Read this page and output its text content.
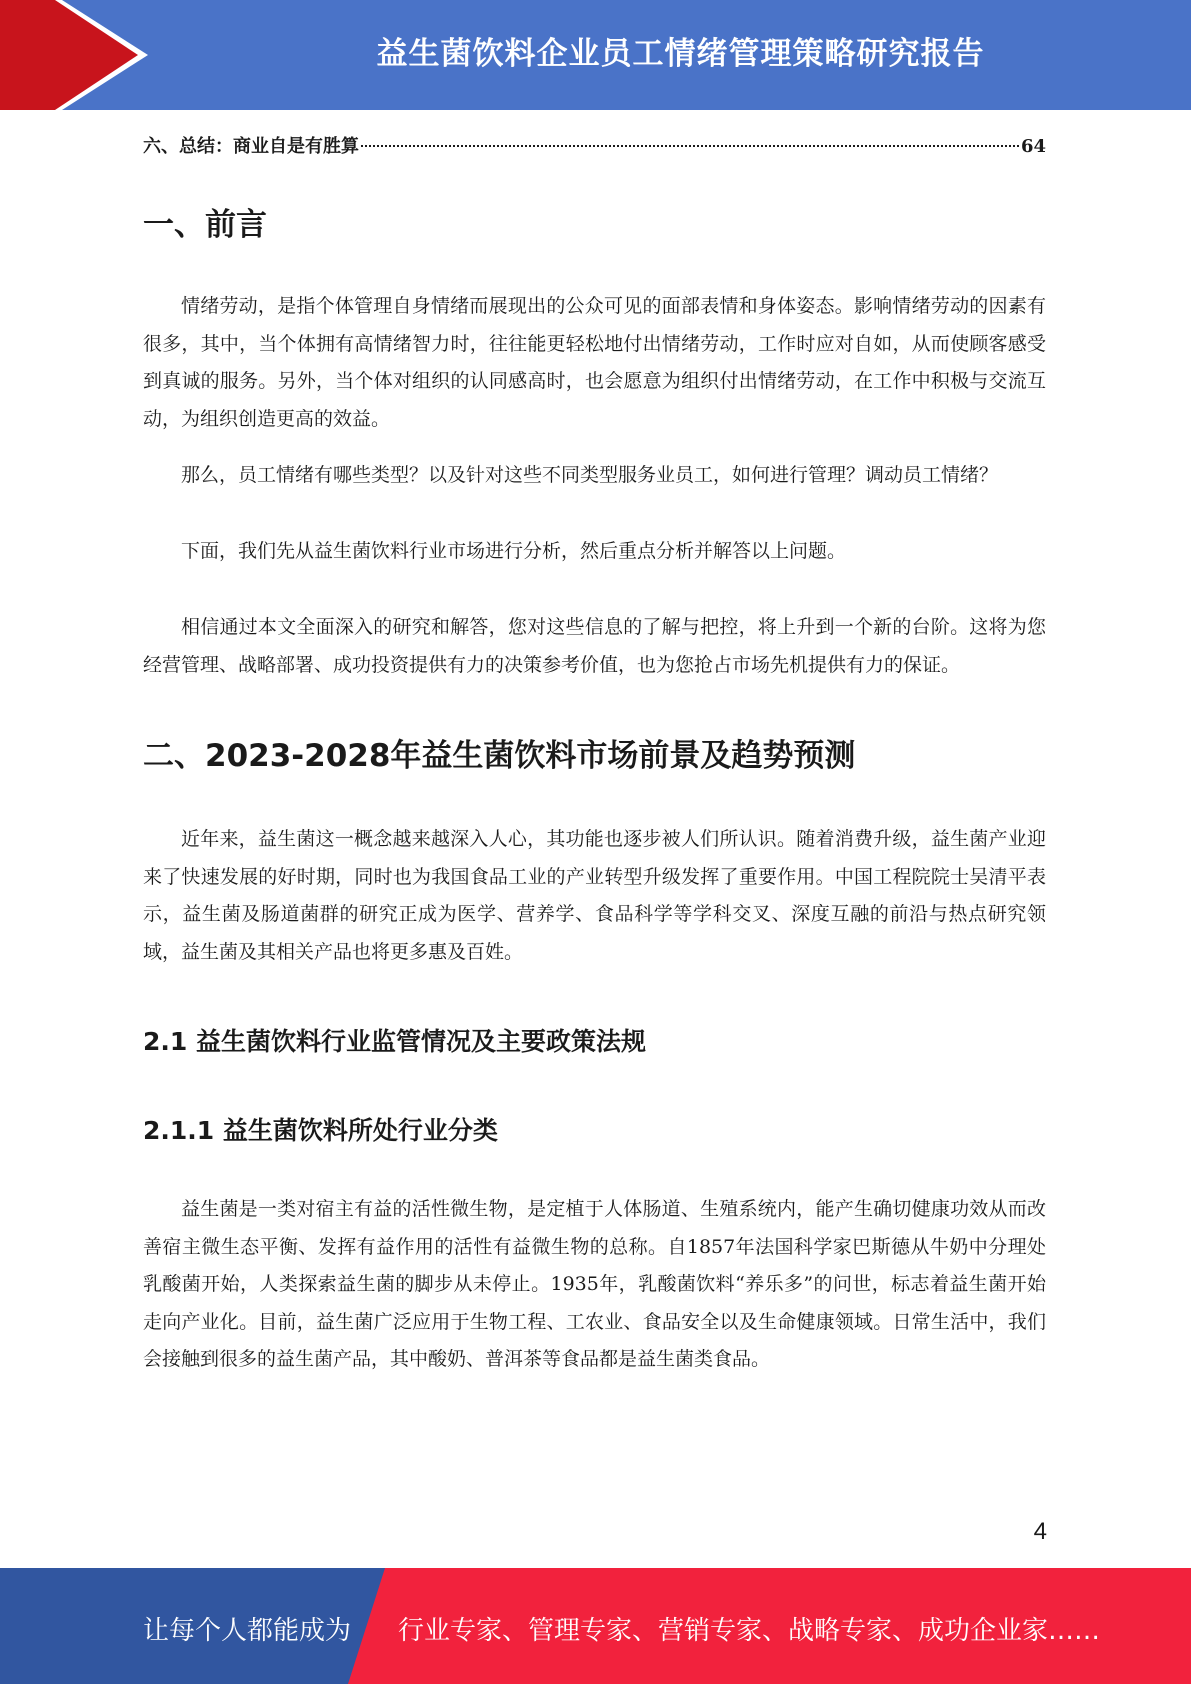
益生菌饮料企业员工情绪管理策略研究报告
六、总结：商业自是有胜算	64
一、前言

情绪劳动，是指个体管理自身情绪而展现出的公众可见的面部表情和身体姿态。影响情绪劳动的因素有很多，其中，当个体拥有高情绪智力时，往往能更轻松地付出情绪劳动，工作时应对自如，从而使顾客感受到真诚的服务。另外，当个体对组织的认同感高时，也会愿意为组织付出情绪劳动，在工作中积极与交流互动，为组织创造更高的效益。

那么，员工情绪有哪些类型？以及针对这些不同类型服务业员工，如何进行管理？调动员工情绪？

下面，我们先从益生菌饮料行业市场进行分析，然后重点分析并解答以上问题。

相信通过本文全面深入的研究和解答，您对这些信息的了解与把控，将上升到一个新的台阶。这将为您经营管理、战略部署、成功投资提供有力的决策参考价值，也为您抢占市场先机提供有力的保证。

二、2023-2028年益生菌饮料市场前景及趋势预测

近年来，益生菌这一概念越来越深入人心，其功能也逐步被人们所认识。随着消费升级，益生菌产业迎来了快速发展的好时期，同时也为我国食品工业的产业转型升级发挥了重要作用。中国工程院院士吴清平表示，益生菌及肠道菌群的研究正成为医学、营养学、食品科学等学科交叉、深度互融的前沿与热点研究领域，益生菌及其相关产品也将更多惠及百姓。

2.1 益生菌饮料行业监管情况及主要政策法规
2.1.1 益生菌饮料所处行业分类

益生菌是一类对宿主有益的活性微生物，是定植于人体肠道、生殖系统内，能产生确切健康功效从而改善宿主微生态平衡、发挥有益作用的活性有益微生物的总称。自1857年法国科学家巴斯德从牛奶中分理处乳酸菌开始，人类探索益生菌的脚步从未停止。1935年，乳酸菌饮料“养乐多”的问世，标志着益生菌开始走向产业化。目前，益生菌广泛应用于生物工程、工农业、食品安全以及生命健康领域。日常生活中，我们会接触到很多的益生菌产品，其中酸奶、普洱茶等食品都是益生菌类食品。

4
让每个人都能成为 行业专家、管理专家、营销专家、战略专家、成功企业家……
